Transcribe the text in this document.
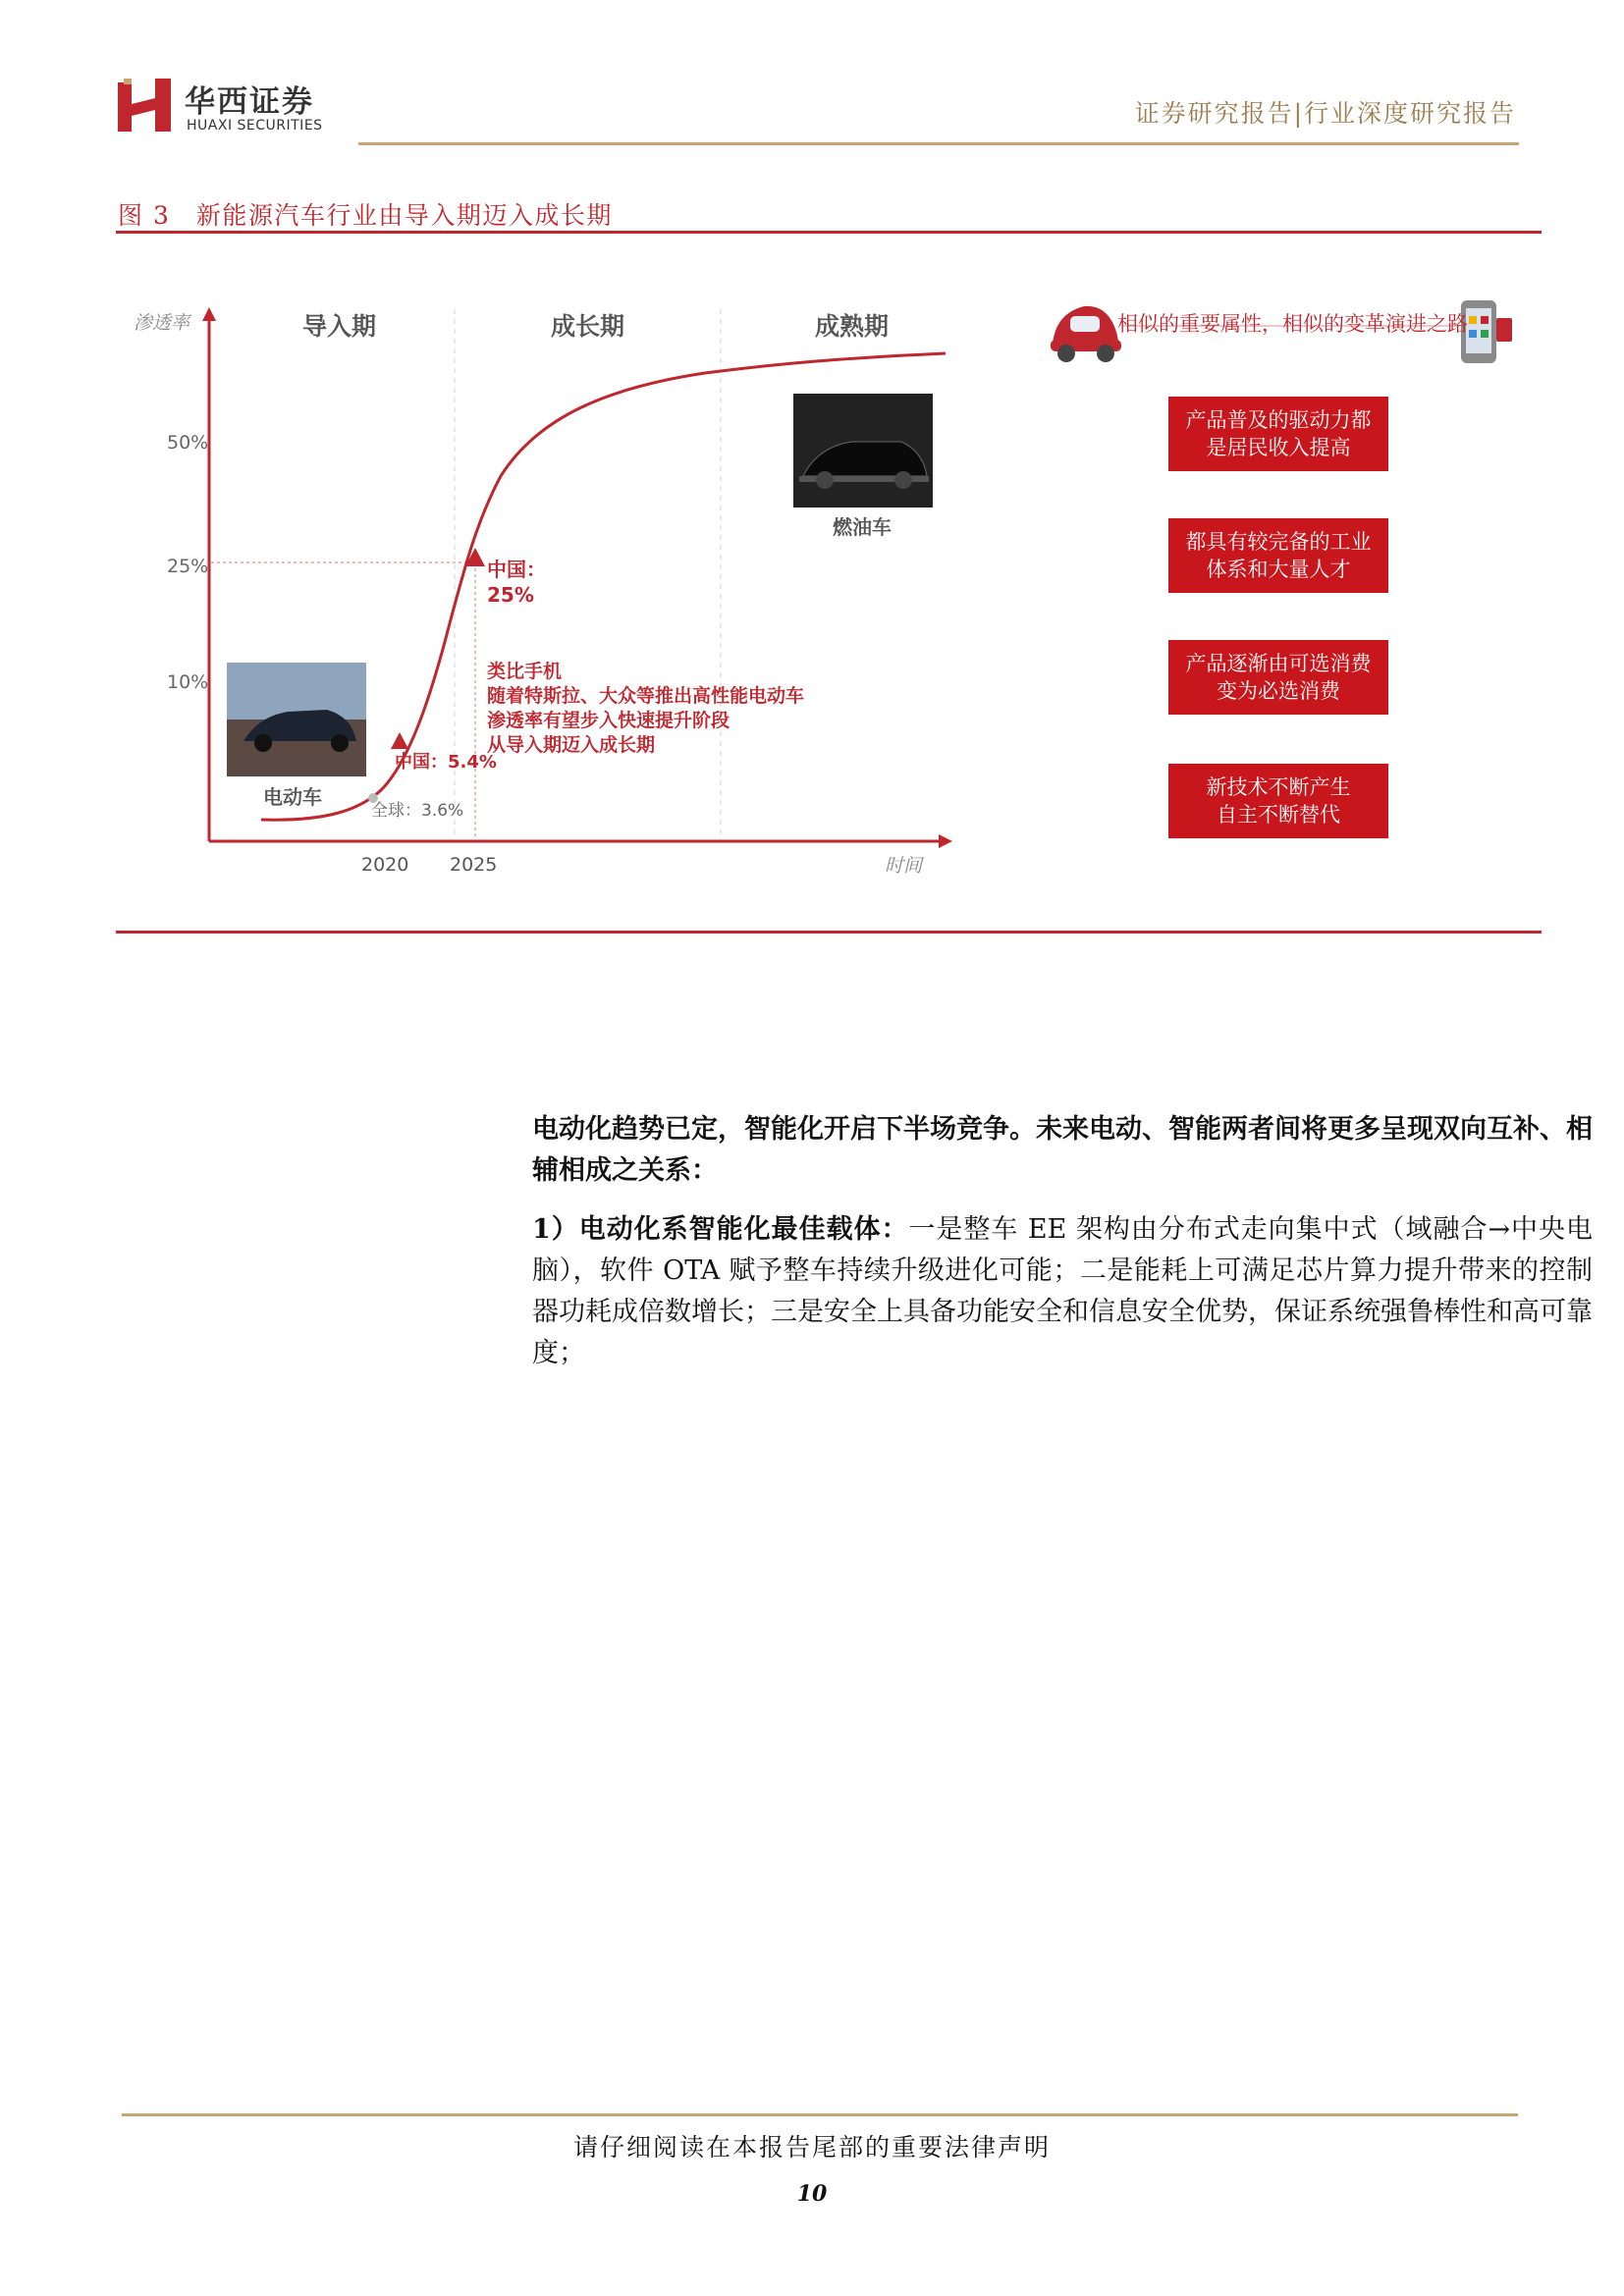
华西证券
HUAXI SECURITIES	证券研究报告|行业深度研究报告
图 3　新能源汽车行业由导入期迈入成长期
渗透率
时间
50%
25%
10%
2020 2025
导入期	成长期	成熟期
全球：3.6%
中国：5.4%
中国：
25%
类比手机
随着特斯拉、大众等推出高性能电动车
渗透率有望步入快速提升阶段
从导入期迈入成长期
电动车
燃油车
相似的重要属性，相似的变革演进之路
产品普及的驱动力都
是居民收入提高
都具有较完备的工业
体系和大量人才
产品逐渐由可选消费
变为必选消费
新技术不断产生
自主不断替代
电动化趋势已定，智能化开启下半场竞争。未来电动、智能两者间将更多呈现双向互补、相辅相成之关系：
1）电动化系智能化最佳载体：一是整车 EE 架构由分布式走向集中式（域融合→中央电脑），软件 OTA 赋予整车持续升级进化可能；二是能耗上可满足芯片算力提升带来的控制器功耗成倍数增长；三是安全上具备功能安全和信息安全优势，保证系统强鲁棒性和高可靠度；
请仔细阅读在本报告尾部的重要法律声明
10
